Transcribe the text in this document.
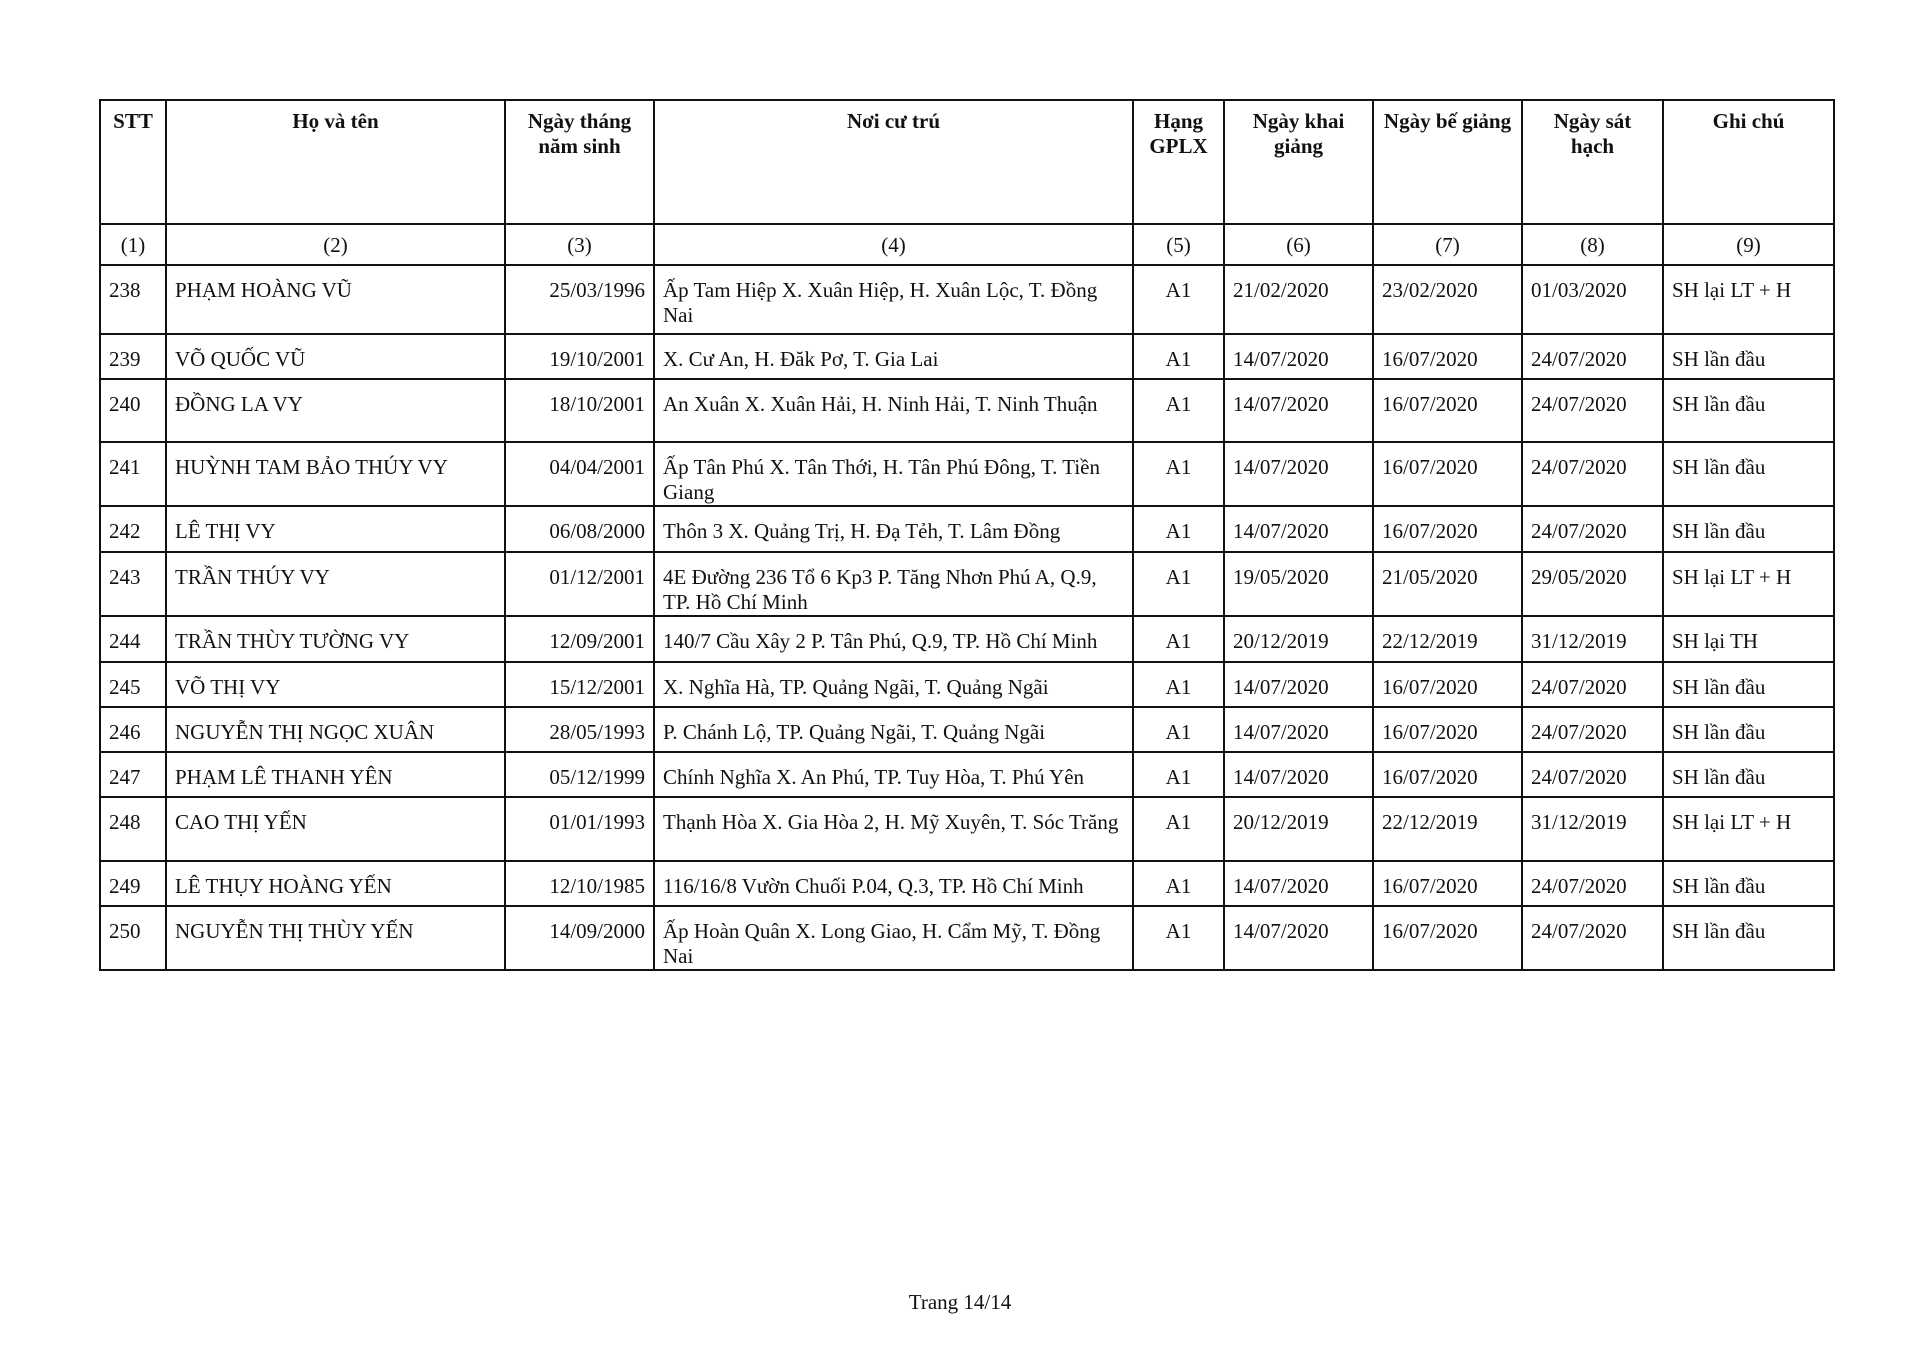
STT	Họ và tên	Ngày tháng năm sinh	Nơi cư trú	Hạng GPLX	Ngày khai giảng	Ngày bế giảng	Ngày sát hạch	Ghi chú
(1)	(2)	(3)	(4)	(5)	(6)	(7)	(8)	(9)
238	PHẠM HOÀNG VŨ	25/03/1996	Ấp Tam Hiệp X. Xuân Hiệp, H. Xuân Lộc, T. Đồng Nai	A1	21/02/2020	23/02/2020	01/03/2020	SH lại LT + H
239	VÕ QUỐC VŨ	19/10/2001	X. Cư An, H. Đăk Pơ, T. Gia Lai	A1	14/07/2020	16/07/2020	24/07/2020	SH lần đầu
240	ĐỒNG LA VY	18/10/2001	An Xuân X. Xuân Hải, H. Ninh Hải, T. Ninh Thuận	A1	14/07/2020	16/07/2020	24/07/2020	SH lần đầu
241	HUỲNH TAM BẢO THÚY VY	04/04/2001	Ấp Tân Phú X. Tân Thới, H. Tân Phú Đông, T. Tiền Giang	A1	14/07/2020	16/07/2020	24/07/2020	SH lần đầu
242	LÊ THỊ VY	06/08/2000	Thôn 3 X. Quảng Trị, H. Đạ Tẻh, T. Lâm Đồng	A1	14/07/2020	16/07/2020	24/07/2020	SH lần đầu
243	TRẦN THÚY VY	01/12/2001	4E Đường 236 Tổ 6 Kp3 P. Tăng Nhơn Phú A, Q.9, TP. Hồ Chí Minh	A1	19/05/2020	21/05/2020	29/05/2020	SH lại LT + H
244	TRẦN THÙY TƯỜNG VY	12/09/2001	140/7 Cầu Xây 2 P. Tân Phú, Q.9, TP. Hồ Chí Minh	A1	20/12/2019	22/12/2019	31/12/2019	SH lại TH
245	VÕ THỊ VY	15/12/2001	X. Nghĩa Hà, TP. Quảng Ngãi, T. Quảng Ngãi	A1	14/07/2020	16/07/2020	24/07/2020	SH lần đầu
246	NGUYỄN THỊ NGỌC XUÂN	28/05/1993	P. Chánh Lộ, TP. Quảng Ngãi, T. Quảng Ngãi	A1	14/07/2020	16/07/2020	24/07/2020	SH lần đầu
247	PHẠM LÊ THANH YÊN	05/12/1999	Chính Nghĩa X. An Phú, TP. Tuy Hòa, T. Phú Yên	A1	14/07/2020	16/07/2020	24/07/2020	SH lần đầu
248	CAO THỊ YẾN	01/01/1993	Thạnh Hòa X. Gia Hòa 2, H. Mỹ Xuyên, T. Sóc Trăng	A1	20/12/2019	22/12/2019	31/12/2019	SH lại LT + H
249	LÊ THỤY HOÀNG YẾN	12/10/1985	116/16/8 Vườn Chuối P.04, Q.3, TP. Hồ Chí Minh	A1	14/07/2020	16/07/2020	24/07/2020	SH lần đầu
250	NGUYỄN THỊ THÙY YẾN	14/09/2000	Ấp Hoàn Quân X. Long Giao, H. Cẩm Mỹ, T. Đồng Nai	A1	14/07/2020	16/07/2020	24/07/2020	SH lần đầu
Trang 14/14
